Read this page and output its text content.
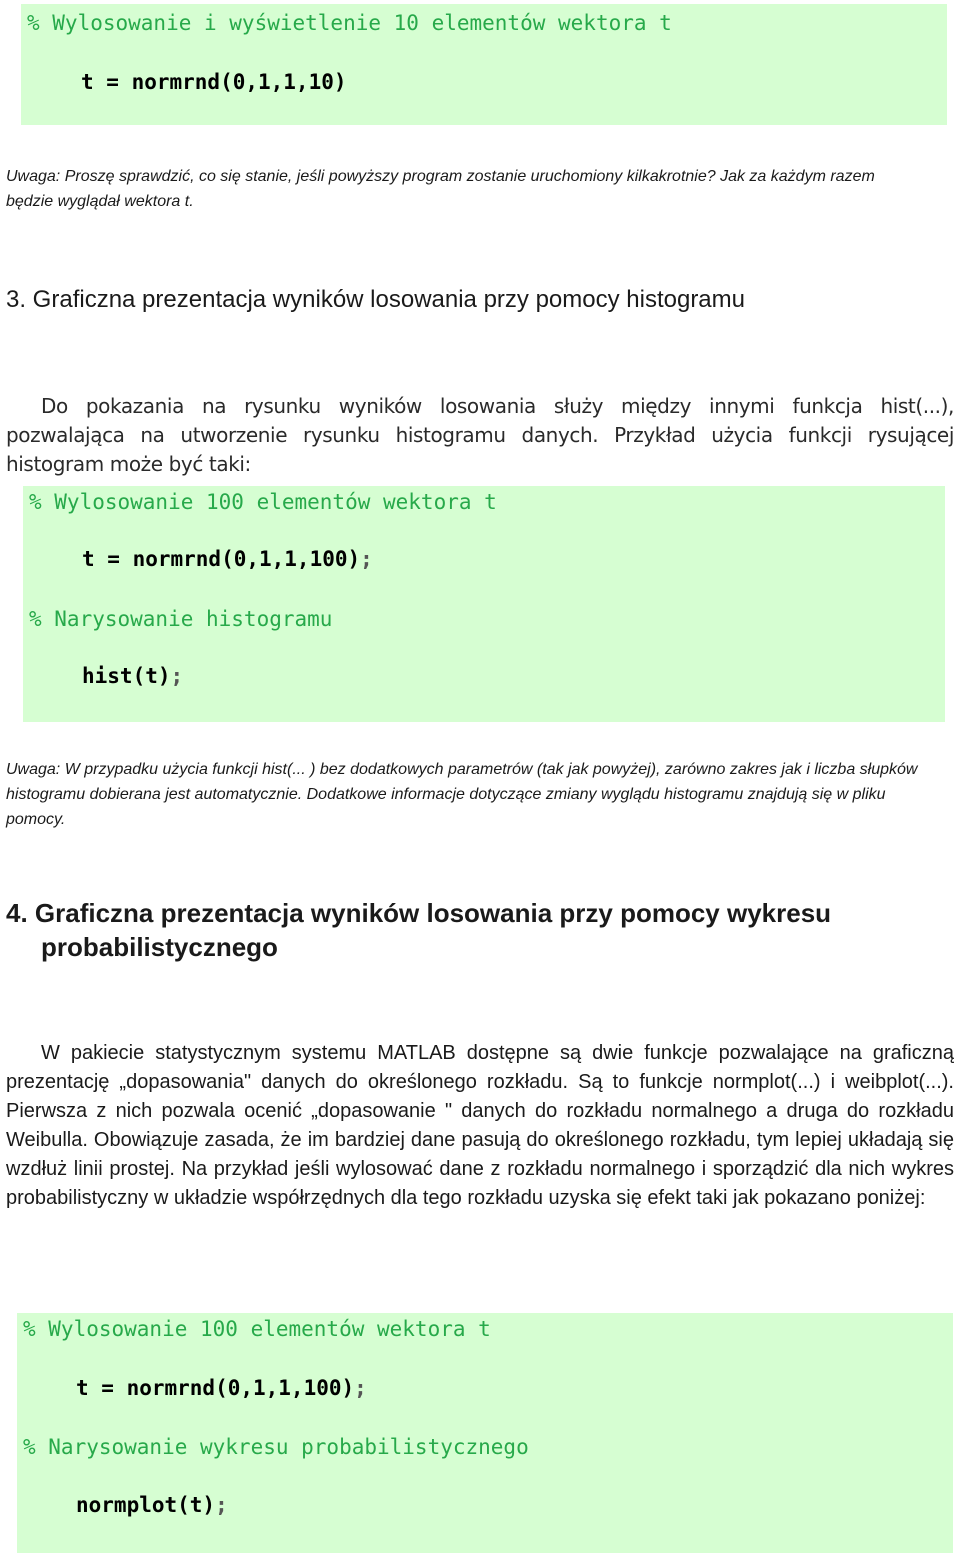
% Wylosowanie i wyświetlenie 10 elementów wektora t
t = normrnd(0,1,1,10)

Uwaga: Proszę sprawdzić, co się stanie, jeśli powyższy program zostanie uruchomiony kilkakrotnie? Jak za każdym razem będzie wyglądał wektora t.

3. Graficzna prezentacja wyników losowania przy pomocy histogramu

Do pokazania na rysunku wyników losowania służy między innymi funkcja hist(...), pozwalająca na utworzenie rysunku histogramu danych. Przykład użycia funkcji rysującej histogram może być taki:

% Wylosowanie 100 elementów wektora t
t = normrnd(0,1,1,100);
% Narysowanie histogramu
hist(t);

Uwaga: W przypadku użycia funkcji hist(... ) bez dodatkowych parametrów (tak jak powyżej), zarówno zakres jak i liczba słupków histogramu dobierana jest automatycznie. Dodatkowe informacje dotyczące zmiany wyglądu histogramu znajdują się w pliku pomocy.

4. Graficzna prezentacja wyników losowania przy pomocy wykresu
probabilistycznego

W pakiecie statystycznym systemu MATLAB dostępne są dwie funkcje pozwalające na graficzną prezentację „dopasowania" danych do określonego rozkładu. Są to funkcje normplot(...) i weibplot(...). Pierwsza z nich pozwala ocenić „dopasowanie " danych do rozkładu normalnego a druga do rozkładu Weibulla. Obowiązuje zasada, że im bardziej dane pasują do określonego rozkładu, tym lepiej układają się wzdłuż linii prostej. Na przykład jeśli wylosować dane z rozkładu normalnego i sporządzić dla nich wykres probabilistyczny w układzie współrzędnych dla tego rozkładu uzyska się efekt taki jak pokazano poniżej:

% Wylosowanie 100 elementów wektora t
t = normrnd(0,1,1,100);
% Narysowanie wykresu probabilistycznego
normplot(t);
